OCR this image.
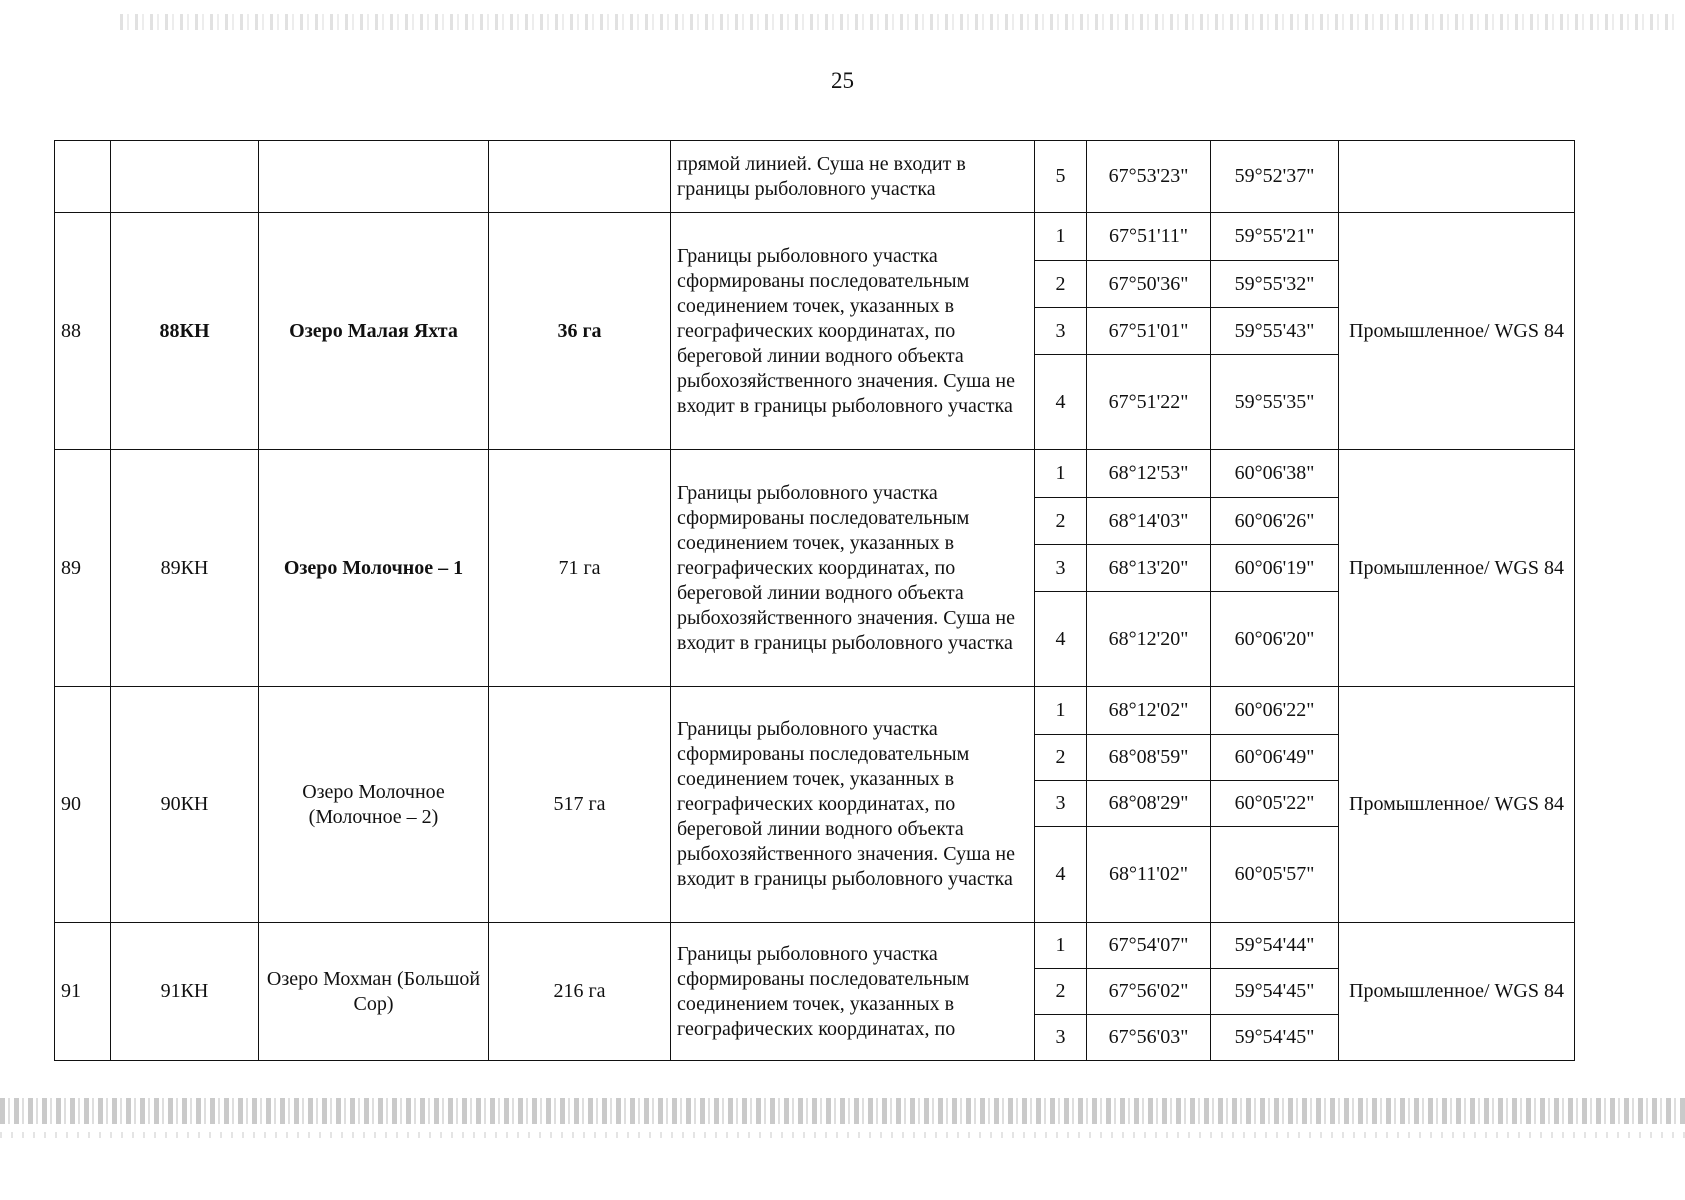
25
				прямой линией. Суша не входит в границы рыболовного участка	5	67°53'23"	59°52'37"	
88	88КН	Озеро Малая Яхта	36 га	Границы рыболовного участка сформированы последовательным соединением точек, указанных в географических координатах, по береговой линии водного объекта рыбохозяйственного значения. Суша не входит в границы рыболовного участка	1	67°51'11"	59°55'21"	Промышленное/ WGS 84
					2	67°50'36"	59°55'32"	
					3	67°51'01"	59°55'43"	
					4	67°51'22"	59°55'35"	
89	89КН	Озеро Молочное – 1	71 га	Границы рыболовного участка сформированы последовательным соединением точек, указанных в географических координатах, по береговой линии водного объекта рыбохозяйственного значения. Суша не входит в границы рыболовного участка	1	68°12'53"	60°06'38"	Промышленное/ WGS 84
					2	68°14'03"	60°06'26"	
					3	68°13'20"	60°06'19"	
					4	68°12'20"	60°06'20"	
90	90КН	Озеро Молочное (Молочное – 2)	517 га	Границы рыболовного участка сформированы последовательным соединением точек, указанных в географических координатах, по береговой линии водного объекта рыбохозяйственного значения. Суша не входит в границы рыболовного участка	1	68°12'02"	60°06'22"	Промышленное/ WGS 84
					2	68°08'59"	60°06'49"	
					3	68°08'29"	60°05'22"	
					4	68°11'02"	60°05'57"	
91	91КН	Озеро Мохман (Большой Сор)	216 га	Границы рыболовного участка сформированы последовательным соединением точек, указанных в географических координатах, по	1	67°54'07"	59°54'44"	Промышленное/ WGS 84
					2	67°56'02"	59°54'45"	
					3	67°56'03"	59°54'45"	
